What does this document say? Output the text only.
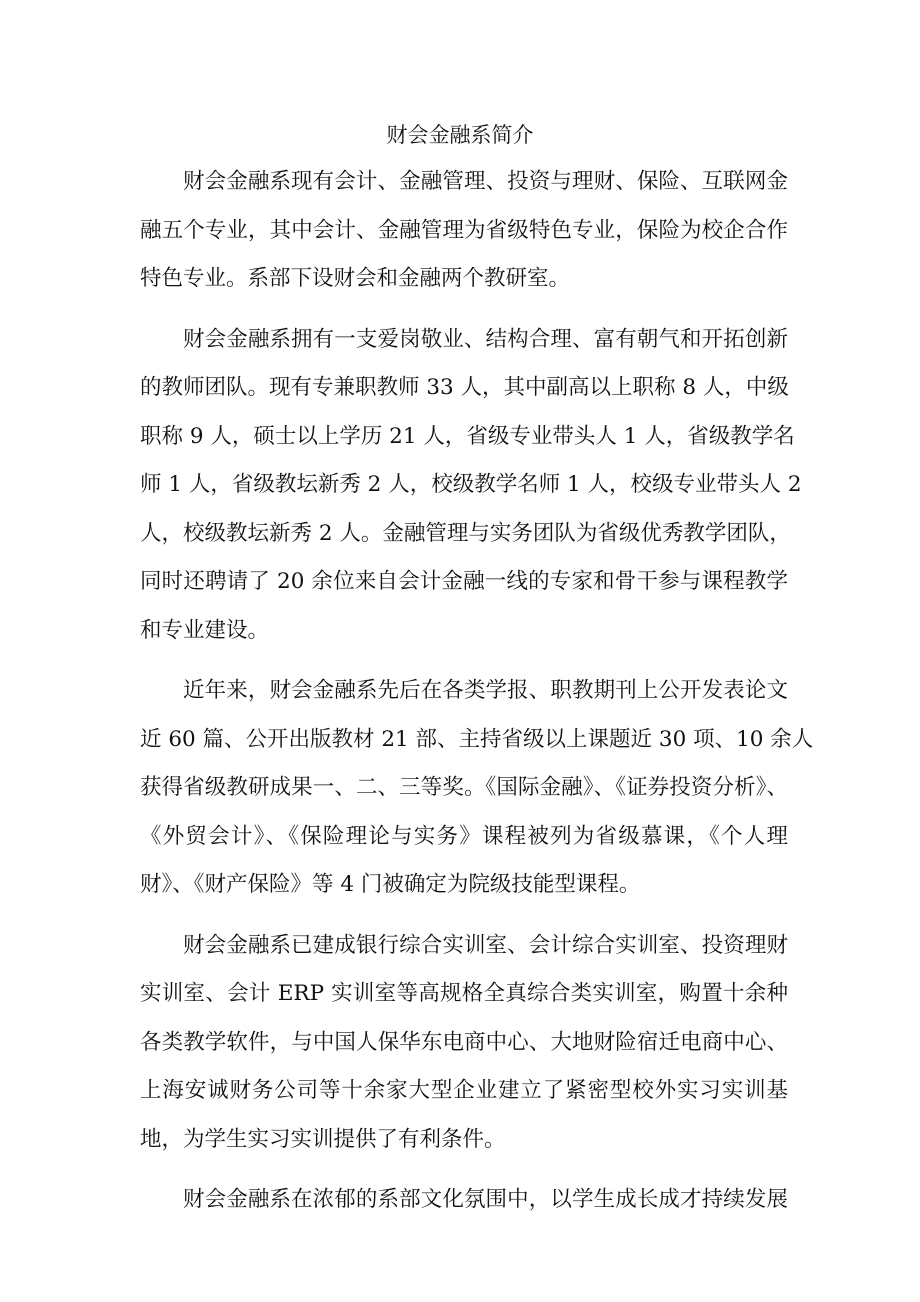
财会金融系简介

财会金融系现有会计、金融管理、投资与理财、保险、互联网金
融五个专业，其中会计、金融管理为省级特色专业，保险为校企合作
特色专业。系部下设财会和金融两个教研室。

财会金融系拥有一支爱岗敬业、结构合理、富有朝气和开拓创新
的教师团队。现有专兼职教师 33 人，其中副高以上职称 8 人，中级
职称 9 人，硕士以上学历 21 人，省级专业带头人 1 人，省级教学名
师 1 人，省级教坛新秀 2 人，校级教学名师 1 人，校级专业带头人 2
人，校级教坛新秀 2 人。金融管理与实务团队为省级优秀教学团队，
同时还聘请了 20 余位来自会计金融一线的专家和骨干参与课程教学
和专业建设。

近年来，财会金融系先后在各类学报、职教期刊上公开发表论文
近 60 篇、公开出版教材 21 部、主持省级以上课题近 30 项、10 余人
获得省级教研成果一、二、三等奖。《国际金融》、《证券投资分析》、
《外贸会计》、《保险理论与实务》课程被列为省级慕课，《个人理
财》、《财产保险》等 4 门被确定为院级技能型课程。

财会金融系已建成银行综合实训室、会计综合实训室、投资理财
实训室、会计 ERP 实训室等高规格全真综合类实训室，购置十余种
各类教学软件，与中国人保华东电商中心、大地财险宿迁电商中心、
上海安诚财务公司等十余家大型企业建立了紧密型校外实习实训基
地，为学生实习实训提供了有利条件。

财会金融系在浓郁的系部文化氛围中，以学生成长成才持续发展
